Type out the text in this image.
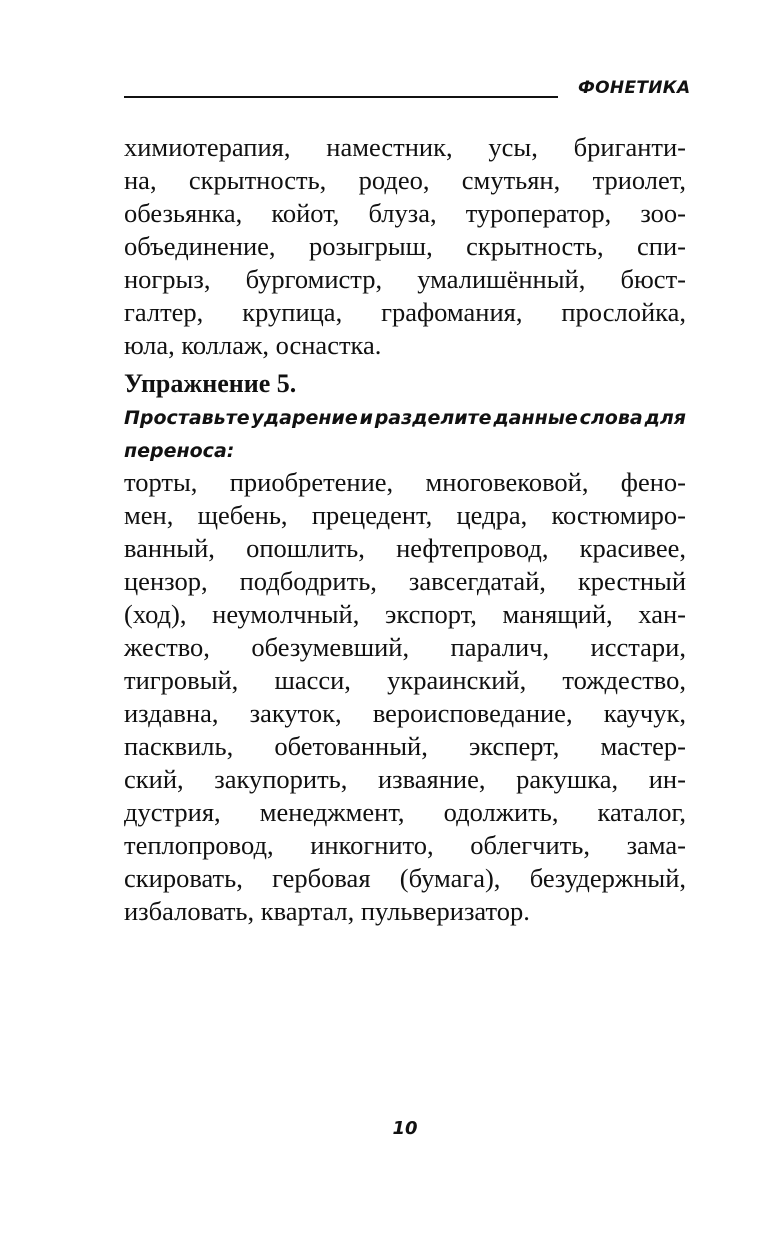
ФОНЕТИКА
химиотерапия, наместник, усы, бриганти-
на, скрытность, родео, смутьян, триолет,
обезьянка, койот, блуза, туроператор, зоо-
объединение, розыгрыш, скрытность, спи-
ногрыз, бургомистр, умалишённый, бюст-
галтер, крупица, графомания, прослойка,
юла, коллаж, оснастка.
Упражнение 5.
Проставьте ударение и разделите данные слова для
переноса:
торты, приобретение, многовековой, фено-
мен, щебень, прецедент, цедра, костюмиро-
ванный, опошлить, нефтепровод, красивее,
цензор, подбодрить, завсегдатай, крестный
(ход), неумолчный, экспорт, манящий, хан-
жество, обезумевший, паралич, исстари,
тигровый, шасси, украинский, тождество,
издавна, закуток, вероисповедание, каучук,
пасквиль, обетованный, эксперт, мастер-
ский, закупорить, изваяние, ракушка, ин-
дустрия, менеджмент, одолжить, каталог,
теплопровод, инкогнито, облегчить, зама-
скировать, гербовая (бумага), безудержный,
избаловать, квартал, пульверизатор.
10
